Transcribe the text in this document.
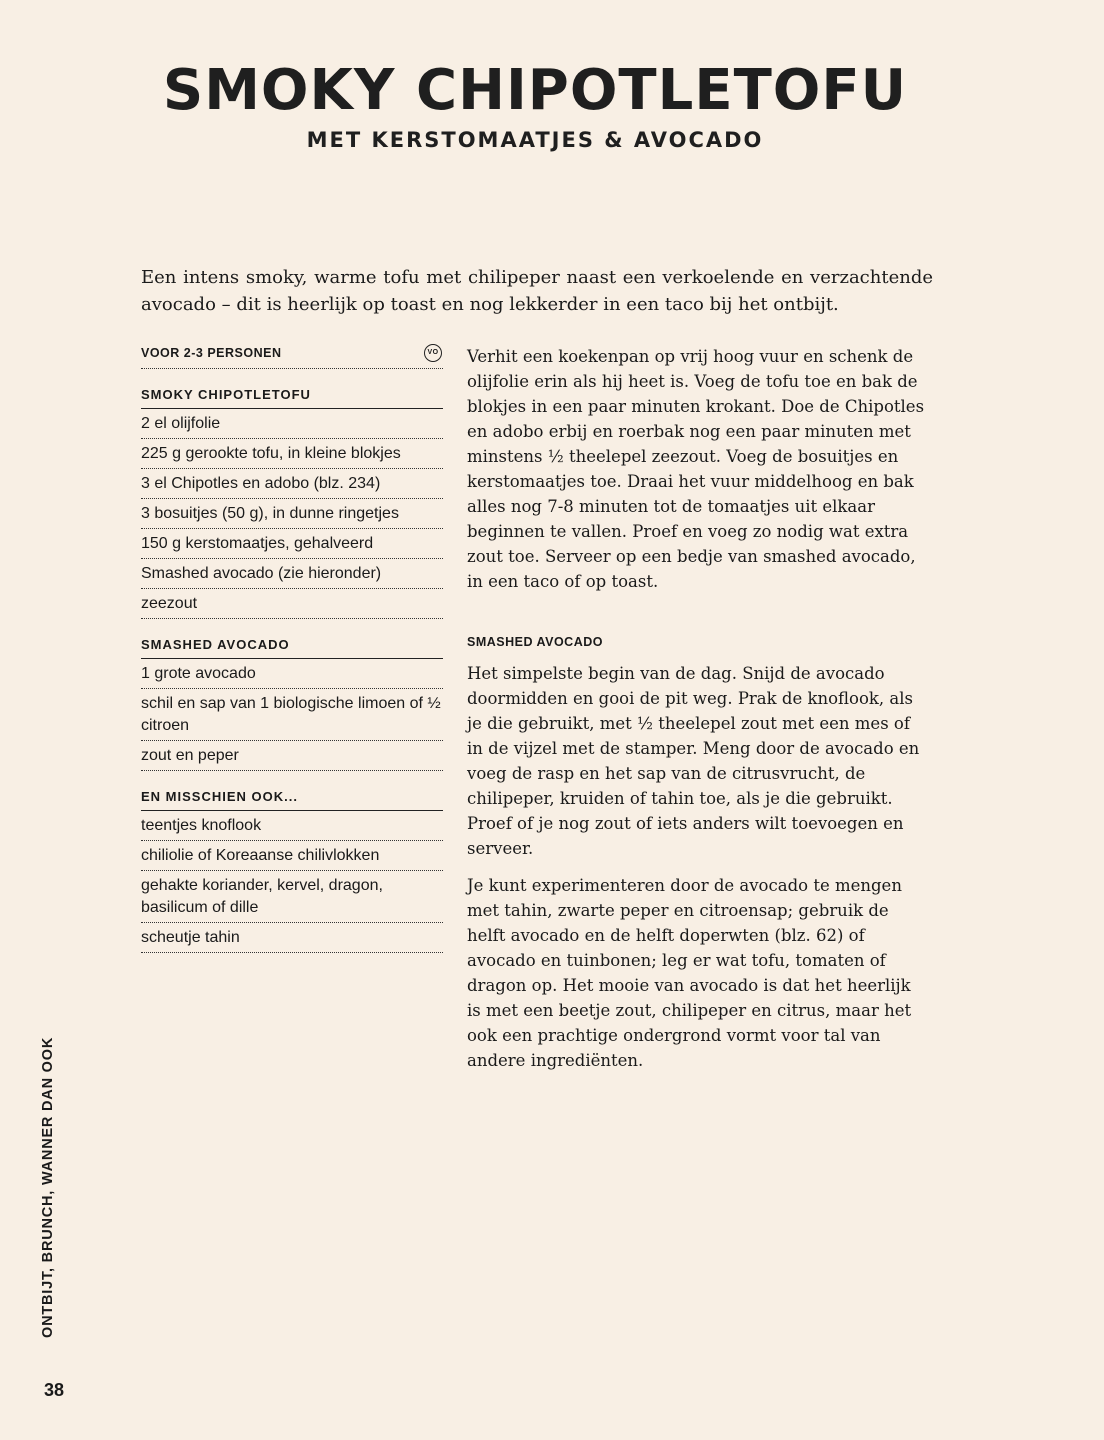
SMOKY CHIPOTLETOFU
MET KERSTOMAATJES & AVOCADO
Een intens smoky, warme tofu met chilipeper naast een verkoelende en verzachtende avocado – dit is heerlijk op toast en nog lekkerder in een taco bij het ontbijt.
VOOR 2-3 PERSONEN	VO
SMOKY CHIPOTLETOFU
2 el olijfolie
225 g gerookte tofu, in kleine blokjes
3 el Chipotles en adobo (blz. 234)
3 bosuitjes (50 g), in dunne ringetjes
150 g kerstomaatjes, gehalveerd
Smashed avocado (zie hieronder)
zeezout
SMASHED AVOCADO
1 grote avocado
schil en sap van 1 biologische limoen of ½ citroen
zout en peper
EN MISSCHIEN OOK...
teentjes knoflook
chiliolie of Koreaanse chilivlokken
gehakte koriander, kervel, dragon, basilicum of dille
scheutje tahin

Verhit een koekenpan op vrij hoog vuur en schenk de olijfolie erin als hij heet is. Voeg de tofu toe en bak de blokjes in een paar minuten krokant. Doe de Chipotles en adobo erbij en roerbak nog een paar minuten met minstens ½ theelepel zeezout. Voeg de bosuitjes en kerstomaatjes toe. Draai het vuur middelhoog en bak alles nog 7-8 minuten tot de tomaatjes uit elkaar beginnen te vallen. Proef en voeg zo nodig wat extra zout toe. Serveer op een bedje van smashed avocado, in een taco of op toast.

SMASHED AVOCADO

Het simpelste begin van de dag. Snijd de avocado doormidden en gooi de pit weg. Prak de knoflook, als je die gebruikt, met ½ theelepel zout met een mes of in de vijzel met de stamper. Meng door de avocado en voeg de rasp en het sap van de citrusvrucht, de chilipeper, kruiden of tahin toe, als je die gebruikt. Proef of je nog zout of iets anders wilt toevoegen en serveer.

Je kunt experimenteren door de avocado te mengen met tahin, zwarte peper en citroensap; gebruik de helft avocado en de helft doperwten (blz. 62) of avocado en tuinbonen; leg er wat tofu, tomaten of dragon op. Het mooie van avocado is dat het heerlijk is met een beetje zout, chilipeper en citrus, maar het ook een prachtige ondergrond vormt voor tal van andere ingrediënten.

ONTBIJT, BRUNCH, WANNER DAN OOK
38
